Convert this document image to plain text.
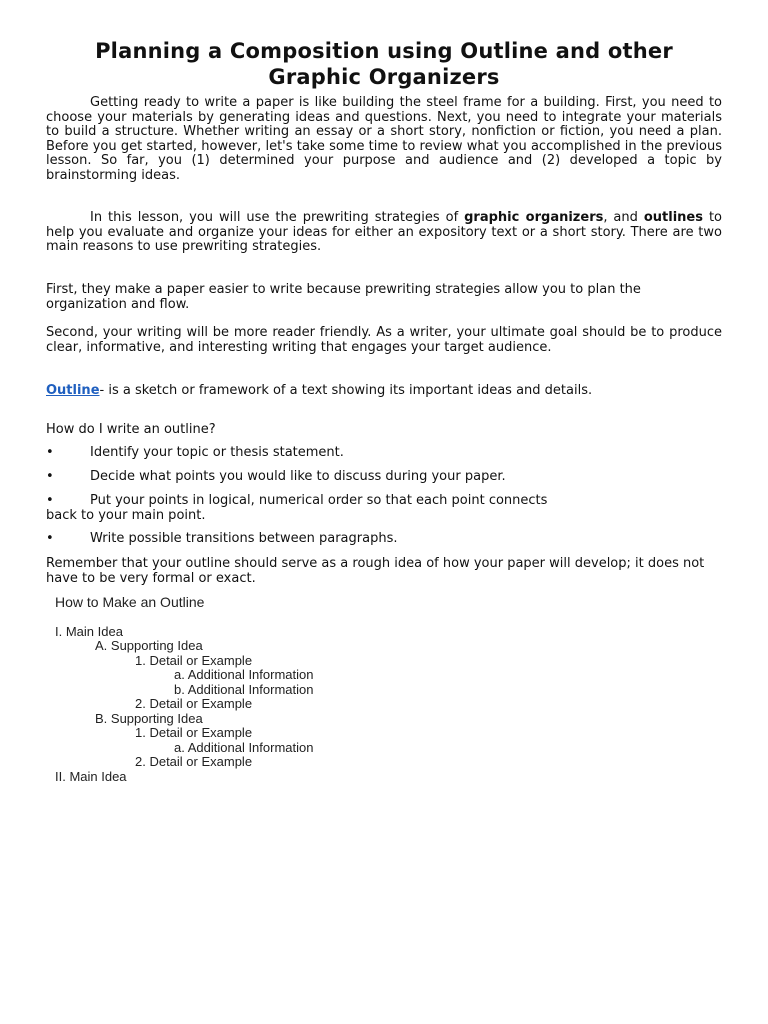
Planning a Composition using Outline and other
Graphic Organizers

Getting ready to write a paper is like building the steel frame for a building. First, you need to choose your materials by generating ideas and questions. Next, you need to integrate your materials to build a structure. Whether writing an essay or a short story, nonfiction or fiction, you need a plan. Before you get started, however, let's take some time to review what you accomplished in the previous lesson. So far, you (1) determined your purpose and audience and (2) developed a topic by brainstorming ideas.

In this lesson, you will use the prewriting strategies of graphic organizers, and outlines to help you evaluate and organize your ideas for either an expository text or a short story. There are two main reasons to use prewriting strategies.

First, they make a paper easier to write because prewriting strategies allow you to plan the organization and flow.

Second, your writing will be more reader friendly. As a writer, your ultimate goal should be to produce clear, informative, and interesting writing that engages your target audience.

Outline- is a sketch or framework of a text showing its important ideas and details.

How do I write an outline?

•	Identify your topic or thesis statement.
•	Decide what points you would like to discuss during your paper.
•	Put your points in logical, numerical order so that each point connects
back to your main point.
•	Write possible transitions between paragraphs.

Remember that your outline should serve as a rough idea of how your paper will develop; it does not have to be very formal or exact.

How to Make an Outline
I. Main Idea
A. Supporting Idea
1. Detail or Example
a. Additional Information
b. Additional Information
2. Detail or Example
B. Supporting Idea
1. Detail or Example
a. Additional Information
2. Detail or Example
II. Main Idea
